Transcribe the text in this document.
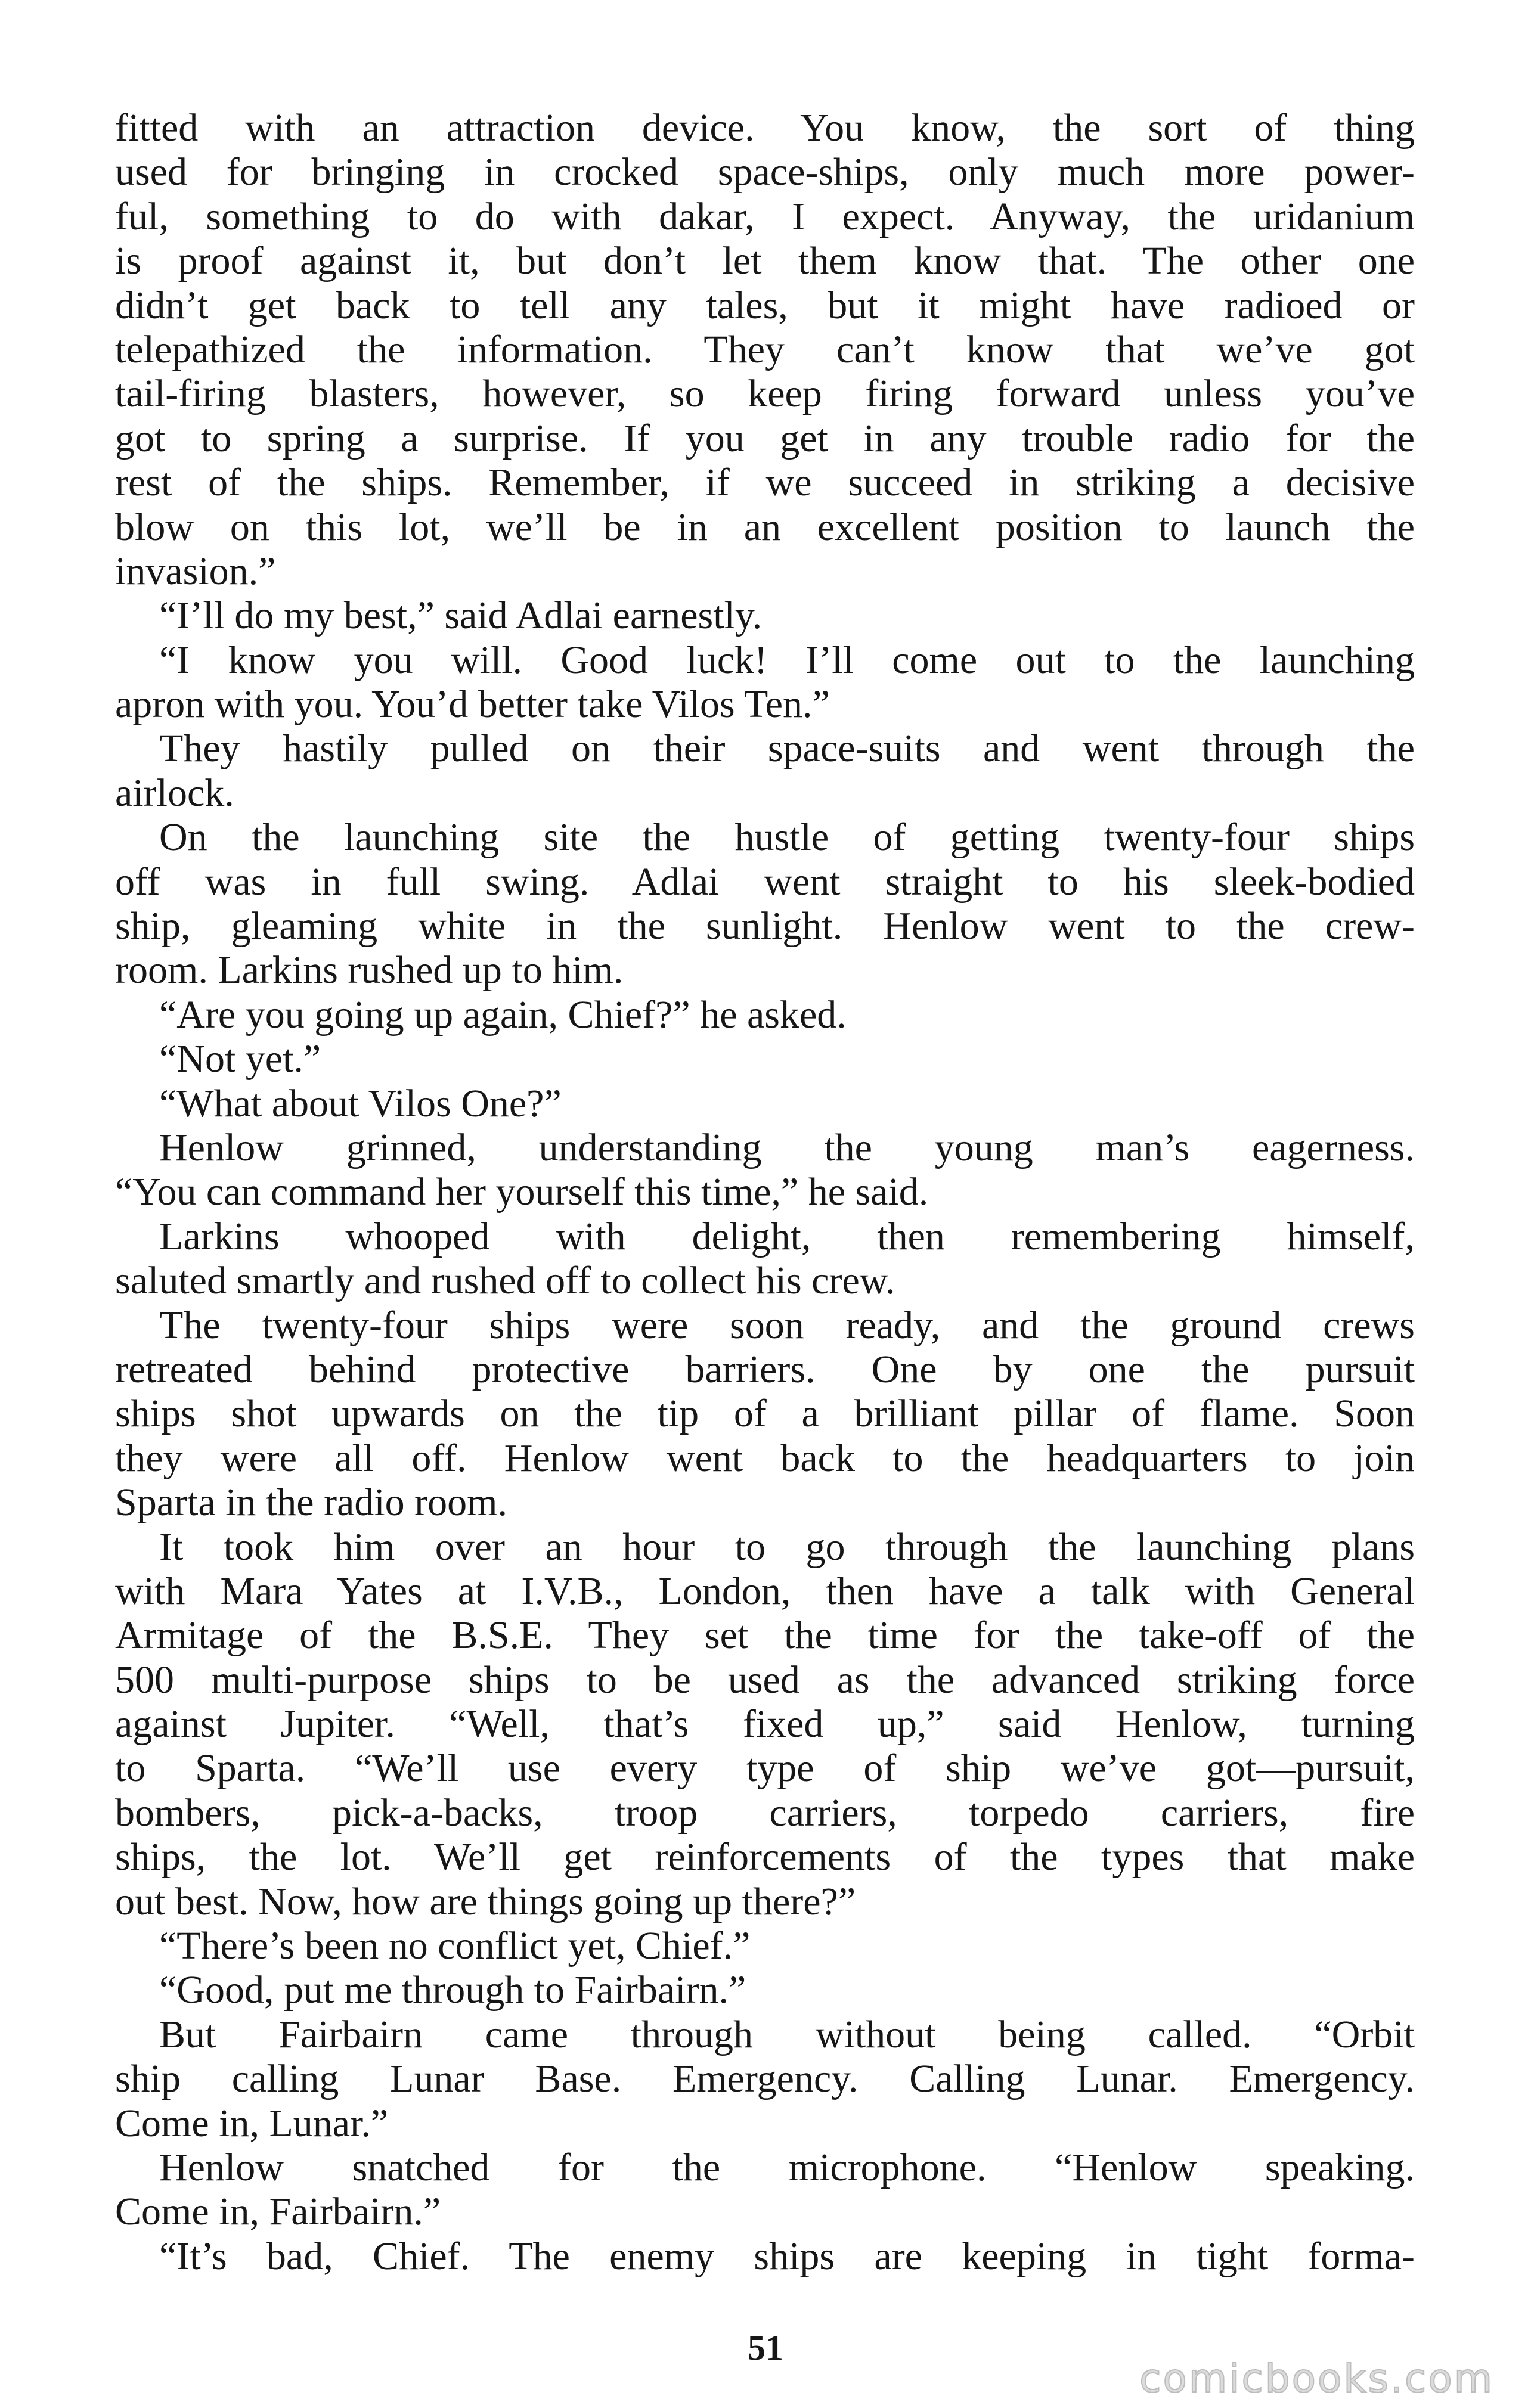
fitted with an attraction device. You know, the sort of thing
used for bringing in crocked space-ships, only much more power-
ful, something to do with dakar, I expect. Anyway, the uridanium
is proof against it, but don’t let them know that. The other one
didn’t get back to tell any tales, but it might have radioed or
telepathized the information. They can’t know that we’ve got
tail-firing blasters, however, so keep firing forward unless you’ve
got to spring a surprise. If you get in any trouble radio for the
rest of the ships. Remember, if we succeed in striking a decisive
blow on this lot, we’ll be in an excellent position to launch the
invasion.”
“I’ll do my best,” said Adlai earnestly.
“I know you will. Good luck! I’ll come out to the launching
apron with you. You’d better take Vilos Ten.”
They hastily pulled on their space-suits and went through the
airlock.
On the launching site the hustle of getting twenty-four ships
off was in full swing. Adlai went straight to his sleek-bodied
ship, gleaming white in the sunlight. Henlow went to the crew-
room. Larkins rushed up to him.
“Are you going up again, Chief?” he asked.
“Not yet.”
“What about Vilos One?”
Henlow grinned, understanding the young man’s eagerness.
“You can command her yourself this time,” he said.
Larkins whooped with delight, then remembering himself,
saluted smartly and rushed off to collect his crew.
The twenty-four ships were soon ready, and the ground crews
retreated behind protective barriers. One by one the pursuit
ships shot upwards on the tip of a brilliant pillar of flame. Soon
they were all off. Henlow went back to the headquarters to join
Sparta in the radio room.
It took him over an hour to go through the launching plans
with Mara Yates at I.V.B., London, then have a talk with General
Armitage of the B.S.E. They set the time for the take-off of the
500 multi-purpose ships to be used as the advanced striking force
against Jupiter. “Well, that’s fixed up,” said Henlow, turning
to Sparta. “We’ll use every type of ship we’ve got—pursuit,
bombers, pick-a-backs, troop carriers, torpedo carriers, fire
ships, the lot. We’ll get reinforcements of the types that make
out best. Now, how are things going up there?”
“There’s been no conflict yet, Chief.”
“Good, put me through to Fairbairn.”
But Fairbairn came through without being called. “Orbit
ship calling Lunar Base. Emergency. Calling Lunar. Emergency.
Come in, Lunar.”
Henlow snatched for the microphone. “Henlow speaking.
Come in, Fairbairn.”
“It’s bad, Chief. The enemy ships are keeping in tight forma-
51
comicbooks.com
